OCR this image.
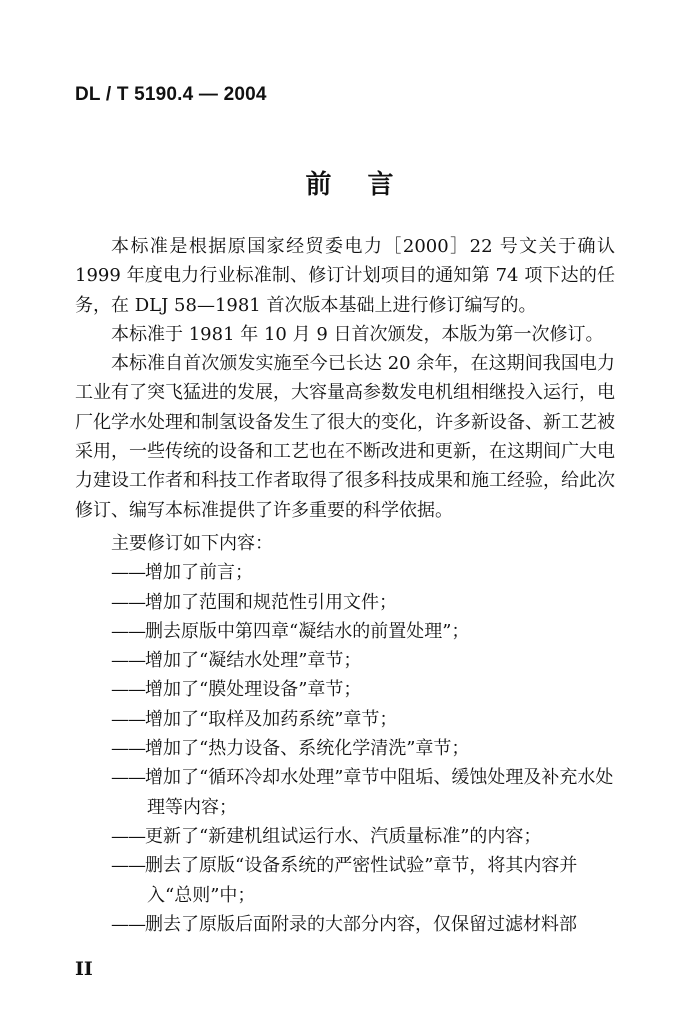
DL / T 5190.4 — 2004
前言

本标准是根据原国家经贸委电力［2000］22 号文关于确认 1999 年度电力行业标准制、修订计划项目的通知第 74 项下达的任务，在 DLJ 58—1981 首次版本基础上进行修订编写的。

本标准于 1981 年 10 月 9 日首次颁发，本版为第一次修订。

本标准自首次颁发实施至今已长达 20 余年，在这期间我国电力工业有了突飞猛进的发展，大容量高参数发电机组相继投入运行，电厂化学水处理和制氢设备发生了很大的变化，许多新设备、新工艺被采用，一些传统的设备和工艺也在不断改进和更新，在这期间广大电力建设工作者和科技工作者取得了很多科技成果和施工经验，给此次修订、编写本标准提供了许多重要的科学依据。

主要修订如下内容：

——增加了前言；

——增加了范围和规范性引用文件；

——删去原版中第四章“凝结水的前置处理”；

——增加了“凝结水处理”章节；

——增加了“膜处理设备”章节；

——增加了“取样及加药系统”章节；

——增加了“热力设备、系统化学清洗”章节；

——增加了“循环冷却水处理”章节中阻垢、缓蚀处理及补充水处理等内容；

——更新了“新建机组试运行水、汽质量标准”的内容；

——删去了原版“设备系统的严密性试验”章节，将其内容并入“总则”中；

——删去了原版后面附录的大部分内容，仅保留过滤材料部

II
